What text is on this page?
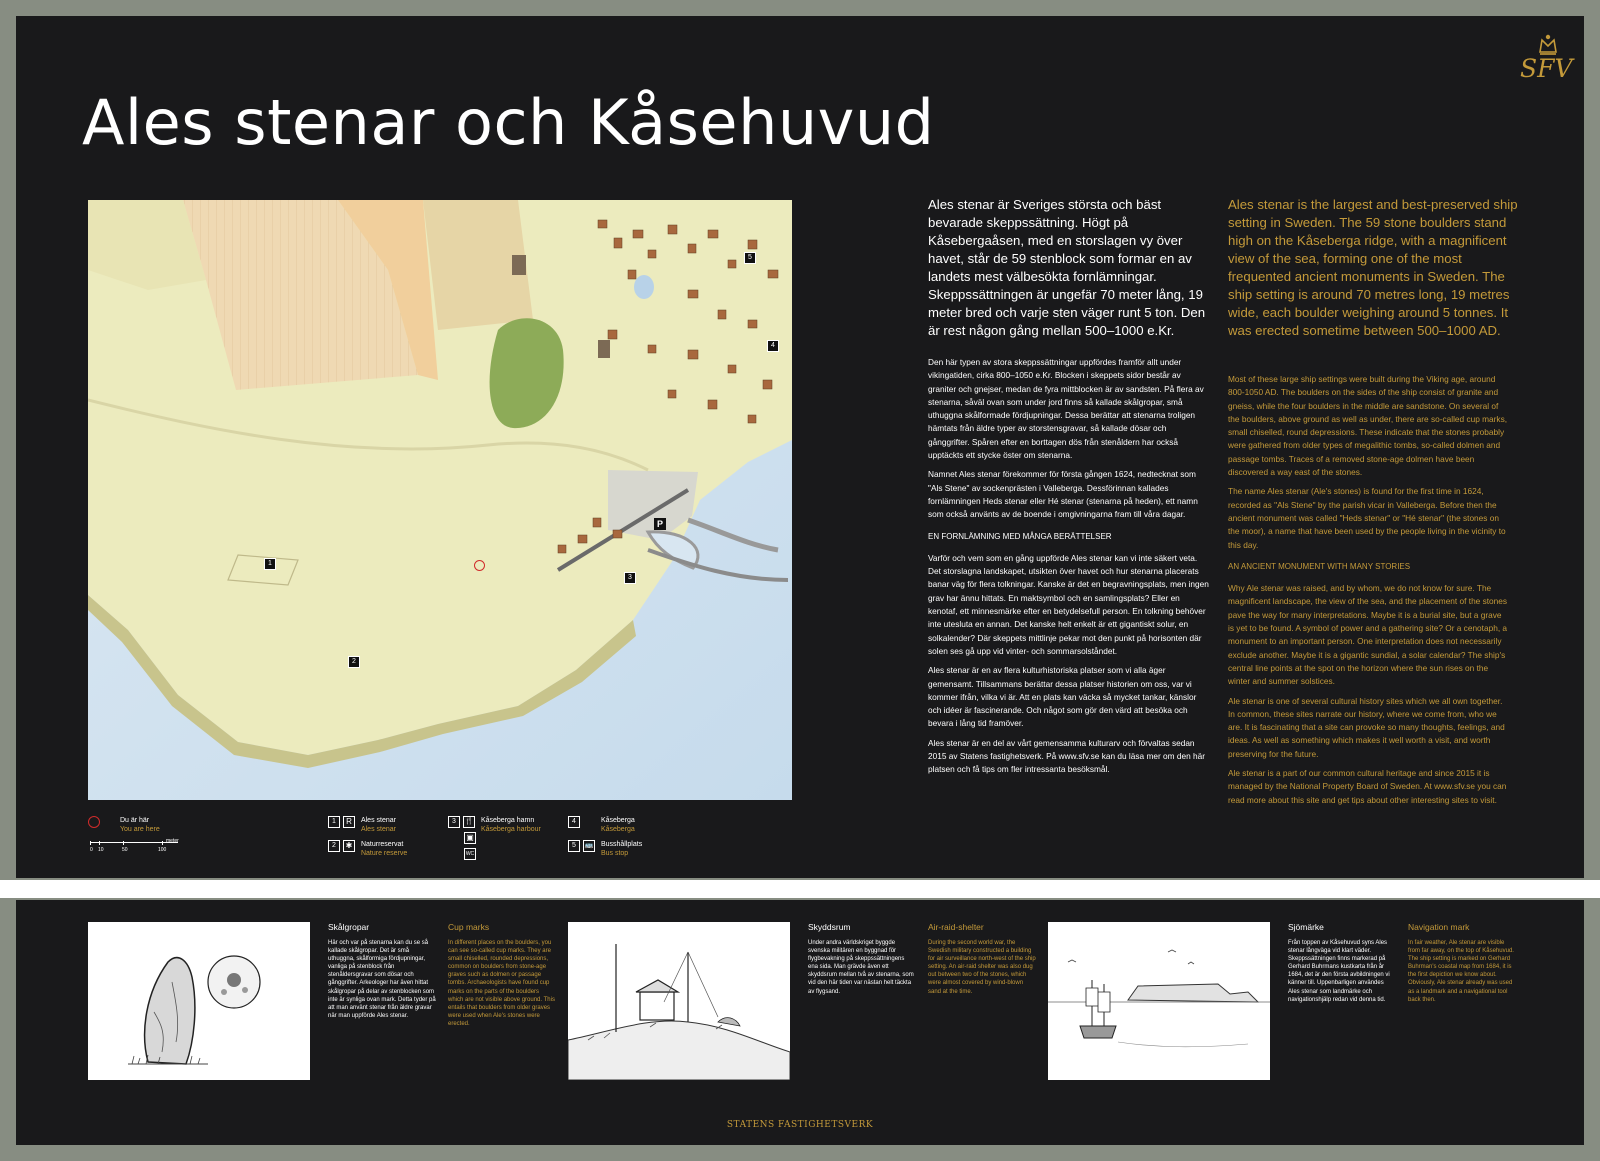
SFV
Ales stenar och Kåsehuvud
1
2
3
4
5
P
Du är här
You are here
0 10	50	100
meter
1 R Ales stenar
Ales stenar
2 ✱ Naturreservat
Nature reserve
3 🍴 Kåseberga hamn
Kåseberga harbour
▣
WC
4	Kåseberga
Kåseberga
5 🚌 Busshållplats
Bus stop

Ales stenar är Sveriges största och bäst bevarade skeppssättning. Högt på Kåsebergaåsen, med en storslagen vy över havet, står de 59 stenblock som formar en av landets mest välbesökta fornlämningar. Skeppssättningen är ungefär 70 meter lång, 19 meter bred och varje sten väger runt 5 ton. Den är rest någon gång mellan 500–1000 e.Kr.

Den här typen av stora skeppssättningar uppfördes framför allt under vikingatiden, cirka 800–1050 e.Kr. Blocken i skeppets sidor består av graniter och gnejser, medan de fyra mittblocken är av sandsten. På flera av stenarna, såväl ovan som under jord finns så kallade skålgropar, små uthuggna skålformade fördjupningar. Dessa berättar att stenarna troligen hämtats från äldre typer av storstensgravar, så kallade dösar och gånggrifter. Spåren efter en borttagen dös från stenåldern har också upptäckts ett stycke öster om stenarna.

Namnet Ales stenar förekommer för första gången 1624, nedtecknat som "Als Stene" av sockenprästen i Valleberga. Dessförinnan kallades fornlämningen Heds stenar eller Hé stenar (stenarna på heden), ett namn som också använts av de boende i omgivningarna fram till våra dagar.

EN FORNLÄMNING MED MÅNGA BERÄTTELSER

Varför och vem som en gång uppförde Ales stenar kan vi inte säkert veta. Det storslagna landskapet, utsikten över havet och hur stenarna placerats banar väg för flera tolkningar. Kanske är det en begravningsplats, men ingen grav har ännu hittats. En maktsymbol och en samlingsplats? Eller en kenotaf, ett minnesmärke efter en betydelsefull person. En tolkning behöver inte utesluta en annan. Det kanske helt enkelt är ett gigantiskt solur, en solkalender? Där skeppets mittlinje pekar mot den punkt på horisonten där solen ses gå upp vid vinter- och sommarsolståndet.

Ales stenar är en av flera kulturhistoriska platser som vi alla äger gemensamt. Tillsammans berättar dessa platser historien om oss, var vi kommer ifrån, vilka vi är. Att en plats kan väcka så mycket tankar, känslor och idéer är fascinerande. Och något som gör den värd att besöka och bevara i lång tid framöver.

Ales stenar är en del av vårt gemensamma kulturarv och förvaltas sedan 2015 av Statens fastighetsverk. På www.sfv.se kan du läsa mer om den här platsen och få tips om fler intressanta besöksmål.

Ales stenar is the largest and best-preserved ship setting in Sweden. The 59 stone boulders stand high on the Kåseberga ridge, with a magnificent view of the sea, forming one of the most frequented ancient monuments in Sweden. The ship setting is around 70 metres long, 19 metres wide, each boulder weighing around 5 tonnes. It was erected sometime between 500–1000 AD.

Most of these large ship settings were built during the Viking age, around 800-1050 AD. The boulders on the sides of the ship consist of granite and gneiss, while the four boulders in the middle are sandstone. On several of the boulders, above ground as well as under, there are so-called cup marks, small chiselled, round depressions. These indicate that the stones probably were gathered from older types of megalithic tombs, so-called dolmen and passage tombs. Traces of a removed stone-age dolmen have been discovered a way east of the stones.

The name Ales stenar (Ale's stones) is found for the first time in 1624, recorded as "Als Stene" by the parish vicar in Valleberga. Before then the ancient monument was called "Heds stenar" or "Hé stenar" (the stones on the moor), a name that have been used by the people living in the vicinity to this day.

AN ANCIENT MONUMENT WITH MANY STORIES

Why Ale stenar was raised, and by whom, we do not know for sure. The magnificent landscape, the view of the sea, and the placement of the stones pave the way for many interpretations. Maybe it is a burial site, but a grave is yet to be found. A symbol of power and a gathering site? Or a cenotaph, a monument to an important person. One interpretation does not necessarily exclude another. Maybe it is a gigantic sundial, a solar calendar? The ship's central line points at the spot on the horizon where the sun rises on the winter and summer solstices.

Ale stenar is one of several cultural history sites which we all own together. In common, these sites narrate our history, where we come from, who we are. It is fascinating that a site can provoke so many thoughts, feelings, and ideas. As well as something which makes it well worth a visit, and worth preserving for the future.

Ale stenar is a part of our common cultural heritage and since 2015 it is managed by the National Property Board of Sweden. At www.sfv.se you can read more about this site and get tips about other interesting sites to visit.

Skålgropar
Här och var på stenarna kan du se så kallade skålgropar. Det är små uthuggna, skålformiga fördjupningar, vanliga på stenblock från stenåldersgravar som dösar och gånggrifter. Arkeologer har även hittat skålgropar på delar av stenblocken som inte är synliga ovan mark. Detta tyder på att man använt stenar från äldre gravar när man uppförde Ales stenar.
Cup marks
In different places on the boulders, you can see so-called cup marks. They are small chiselled, rounded depressions, common on boulders from stone-age graves such as dolmen or passage tombs. Archaeologists have found cup marks on the parts of the boulders which are not visible above ground. This entails that boulders from older graves were used when Ale's stones were erected.
Skyddsrum
Under andra världskriget byggde svenska militären en byggnad för flygbevakning på skeppssättningens ena sida. Man grävde även ett skyddsrum mellan två av stenarna, som vid den här tiden var nästan helt täckta av flygsand.
Air-raid-shelter
During the second world war, the Swedish military constructed a building for air surveillance north-west of the ship setting. An air-raid shelter was also dug out between two of the stones, which were almost covered by wind-blown sand at the time.
Sjömärke
Från toppen av Kåsehuvud syns Ales stenar långväga vid klart väder. Skeppssättningen finns markerad på Gerhard Buhrmans kustkarta från år 1684, det är den första avbildningen vi känner till. Uppenbarligen användes Ales stenar som landmärke och navigationshjälp redan vid denna tid.
Navigation mark
In fair weather, Ale stenar are visible from far away, on the top of Kåsehuvud. The ship setting is marked on Gerhard Buhrman's coastal map from 1684, it is the first depiction we know about. Obviously, Ale stenar already was used as a landmark and a navigational tool back then.
STATENS FASTIGHETSVERK
